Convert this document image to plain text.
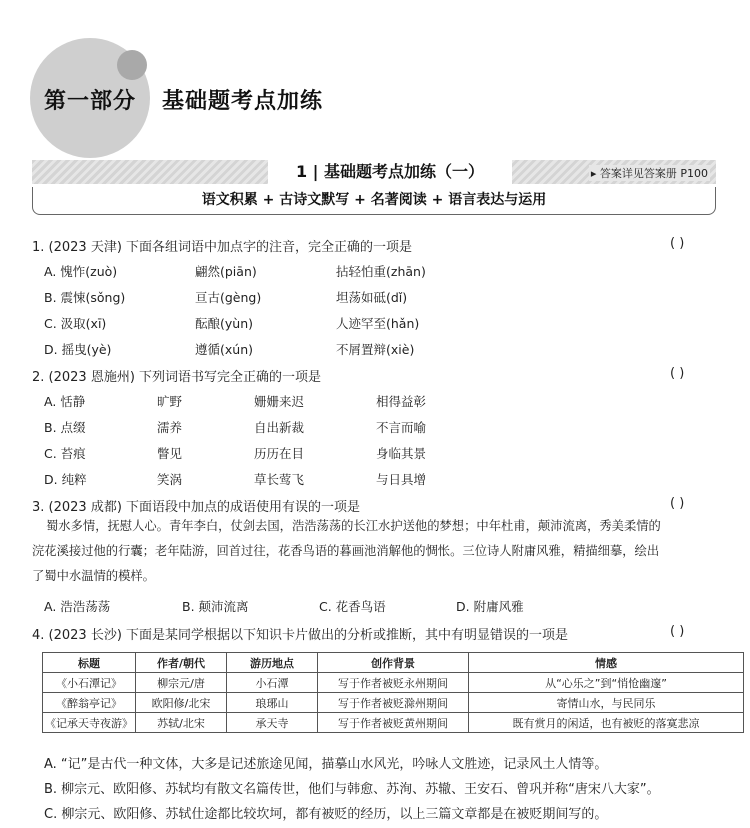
第一部分 基础题考点加练
1 | 基础题考点加练（一）	▸ 答案详见答案册 P100
语文积累 + 古诗文默写 + 名著阅读 + 语言表达与运用
1. (2023 天津) 下面各组词语中加点字的注音，完全正确的一项是	( )
A. 愧怍(zuò)	翩然(piān)	拈轻怕重(zhān)
B. 震悚(sǒng)	亘古(gèng)	坦荡如砥(dǐ)
C. 汲取(xī)	酝酿(yùn)	人迹罕至(hǎn)
D. 摇曳(yè)	遵循(xún)	不屑置辩(xiè)
2. (2023 恩施州) 下列词语书写完全正确的一项是	( )
A. 恬静	旷野	姗姗来迟	相得益彰
B. 点缀	濡养	自出新裁	不言而喻
C. 苔痕	瞥见	历历在目	身临其景
D. 纯粹	笑涡	草长莺飞	与日具增
3. (2023 成都) 下面语段中加点的成语使用有误的一项是	( )
蜀水多情，抚慰人心。青年李白，仗剑去国，浩浩荡荡的长江水护送他的梦想；中年杜甫，颠沛流离，秀美柔情的
浣花溪接过他的行囊；老年陆游，回首过往，花香鸟语的暮画池消解他的惆怅。三位诗人附庸风雅，精描细摹，绘出
了蜀中水温情的模样。
A. 浩浩荡荡	B. 颠沛流离	C. 花香鸟语	D. 附庸风雅
4. (2023 长沙) 下面是某同学根据以下知识卡片做出的分析或推断，其中有明显错误的一项是	( )
标题	作者/朝代	游历地点	创作背景	情感
《小石潭记》	柳宗元/唐	小石潭	写于作者被贬永州期间	从“心乐之”到“悄怆幽邃”
《醉翁亭记》	欧阳修/北宋	琅琊山	写于作者被贬滁州期间	寄情山水，与民同乐
《记承天寺夜游》	苏轼/北宋	承天寺	写于作者被贬黄州期间	既有赏月的闲适，也有被贬的落寞悲凉
A. “记”是古代一种文体，大多是记述旅途见闻，描摹山水风光，吟咏人文胜迹，记录风土人情等。
B. 柳宗元、欧阳修、苏轼均有散文名篇传世，他们与韩愈、苏洵、苏辙、王安石、曾巩并称“唐宋八大家”。
C. 柳宗元、欧阳修、苏轼仕途都比较坎坷，都有被贬的经历，以上三篇文章都是在被贬期间写的。
